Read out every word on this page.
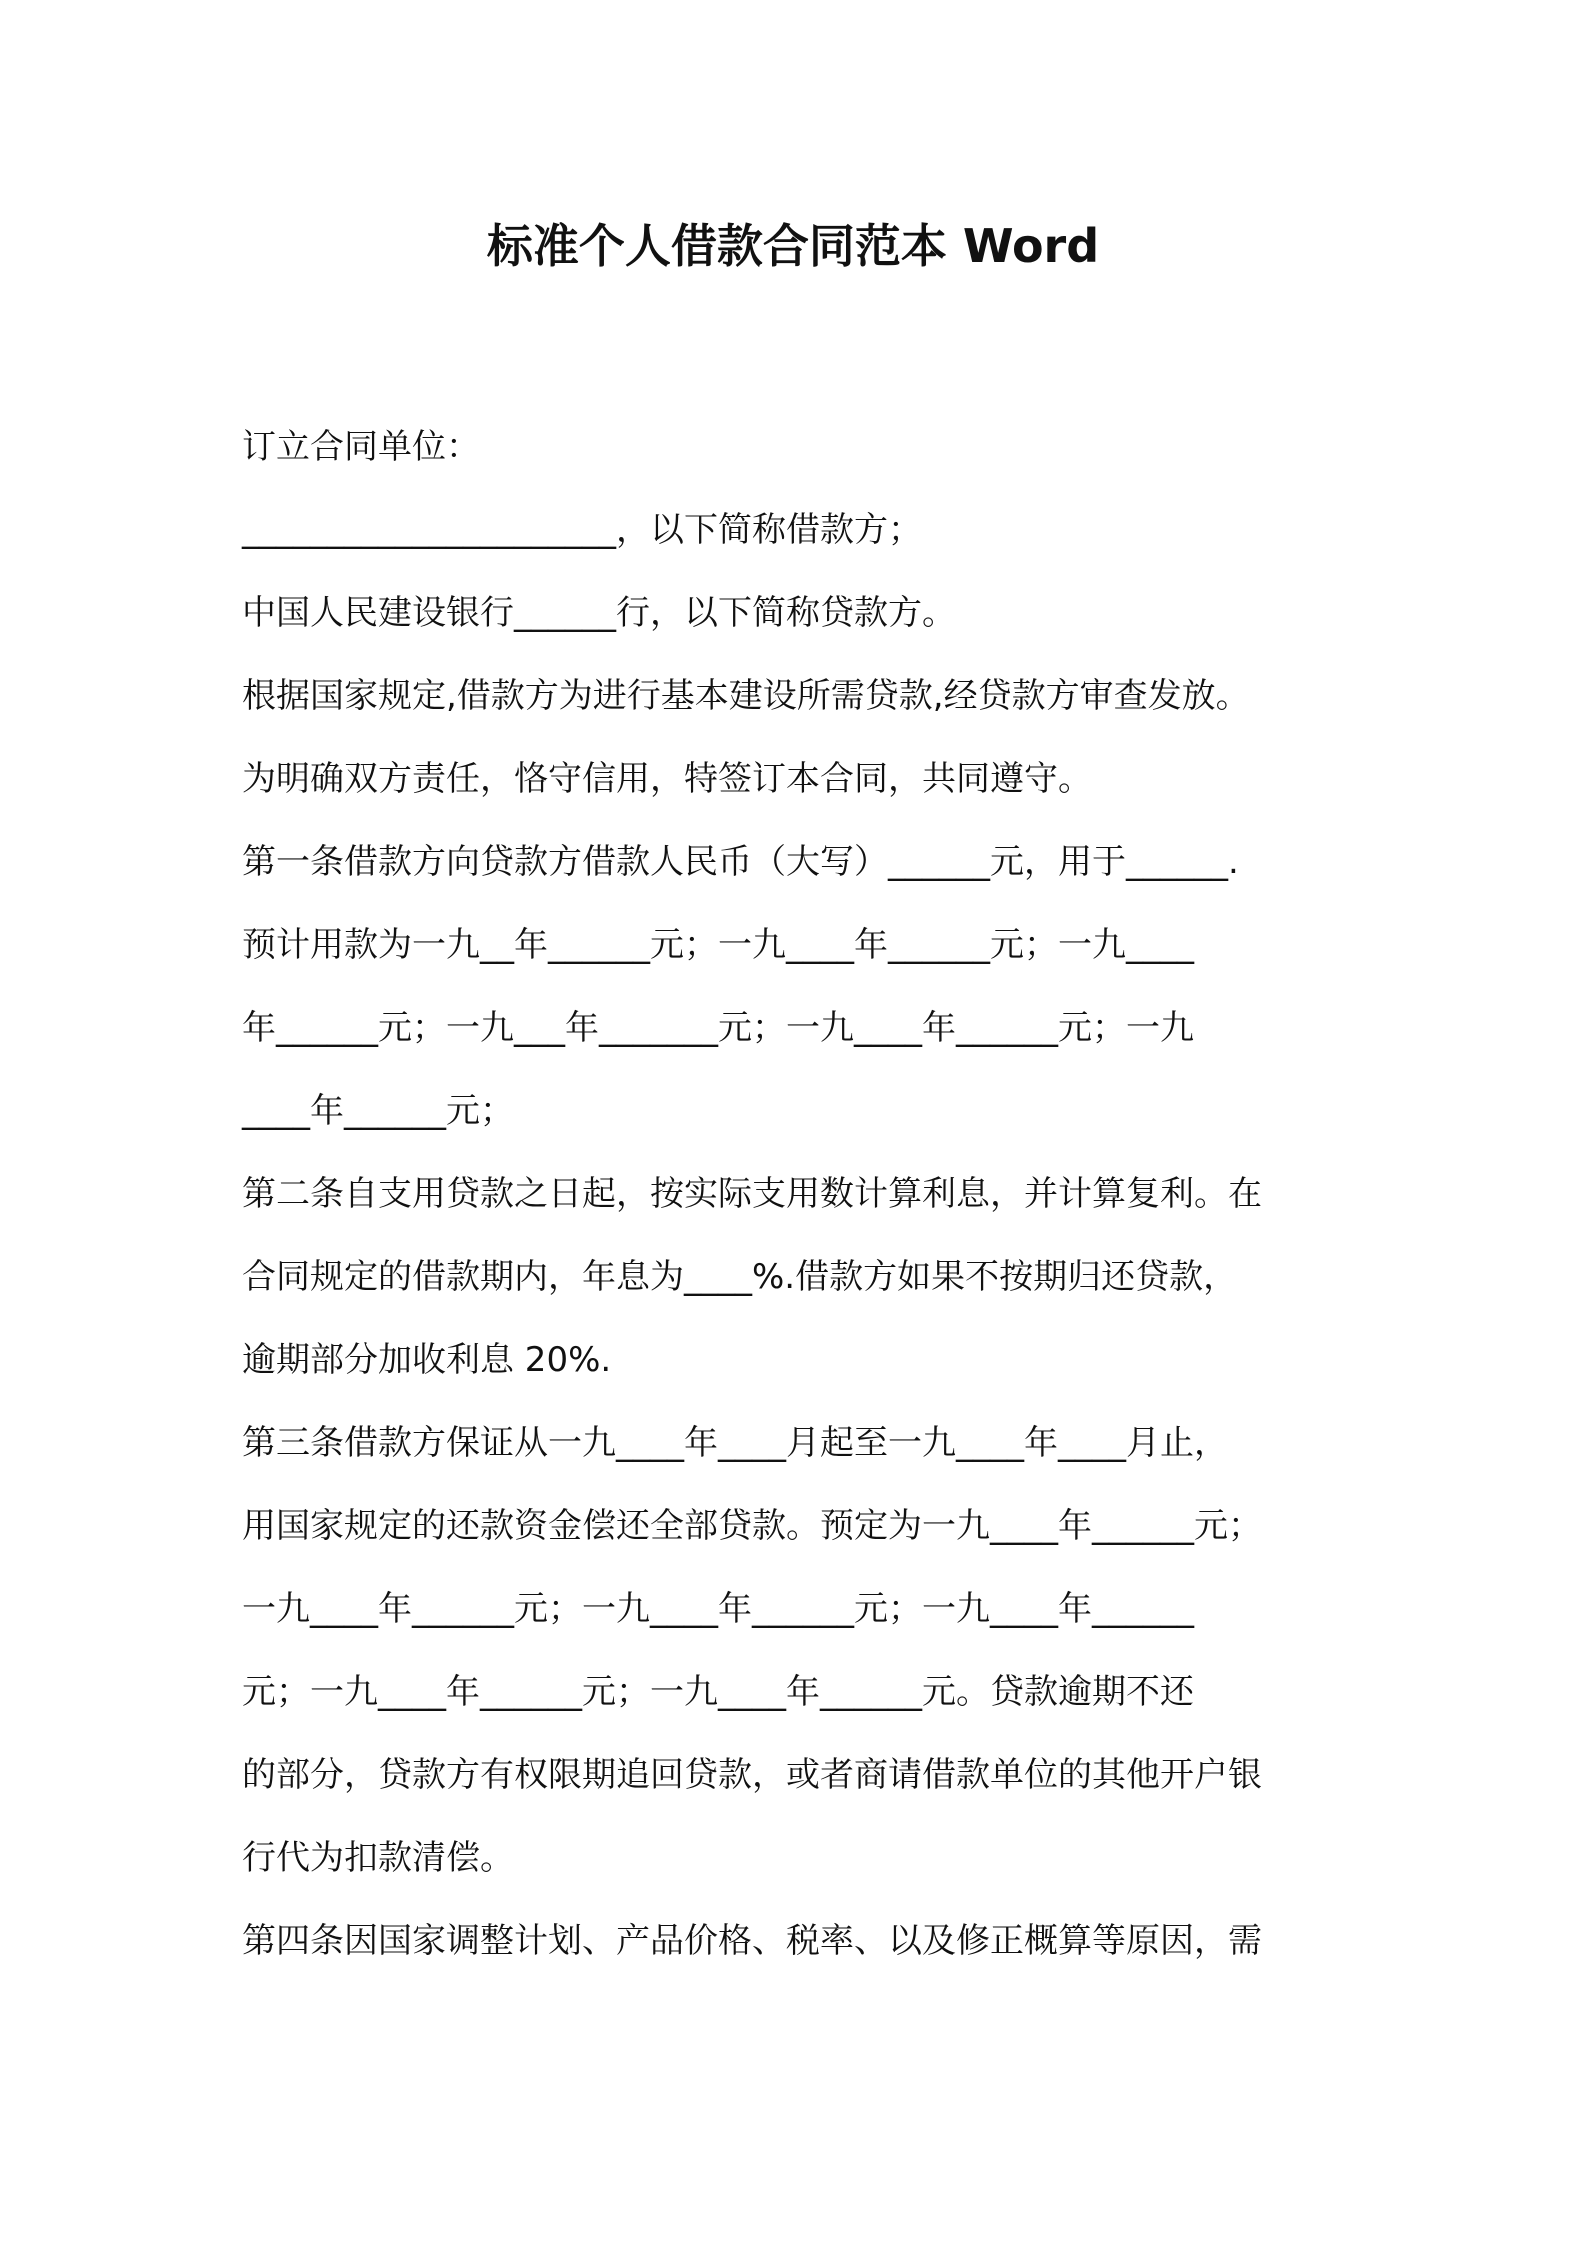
标准个人借款合同范本 Word
订立合同单位：
______________________，以下简称借款方；
中国人民建设银行______行，以下简称贷款方。
根据国家规定,借款方为进行基本建设所需贷款,经贷款方审查发放。
为明确双方责任，恪守信用，特签订本合同，共同遵守。
第一条借款方向贷款方借款人民币（大写）______元，用于______.
预计用款为一九__年______元；一九____年______元；一九____
年______元；一九___年_______元；一九____年______元；一九
____年______元；
第二条自支用贷款之日起，按实际支用数计算利息，并计算复利。在
合同规定的借款期内，年息为____%.借款方如果不按期归还贷款，
逾期部分加收利息 20%.
第三条借款方保证从一九____年____月起至一九____年____月止，
用国家规定的还款资金偿还全部贷款。预定为一九____年______元；
一九____年______元；一九____年______元；一九____年______
元；一九____年______元；一九____年______元。贷款逾期不还
的部分，贷款方有权限期追回贷款，或者商请借款单位的其他开户银
行代为扣款清偿。
第四条因国家调整计划、产品价格、税率、以及修正概算等原因，需
